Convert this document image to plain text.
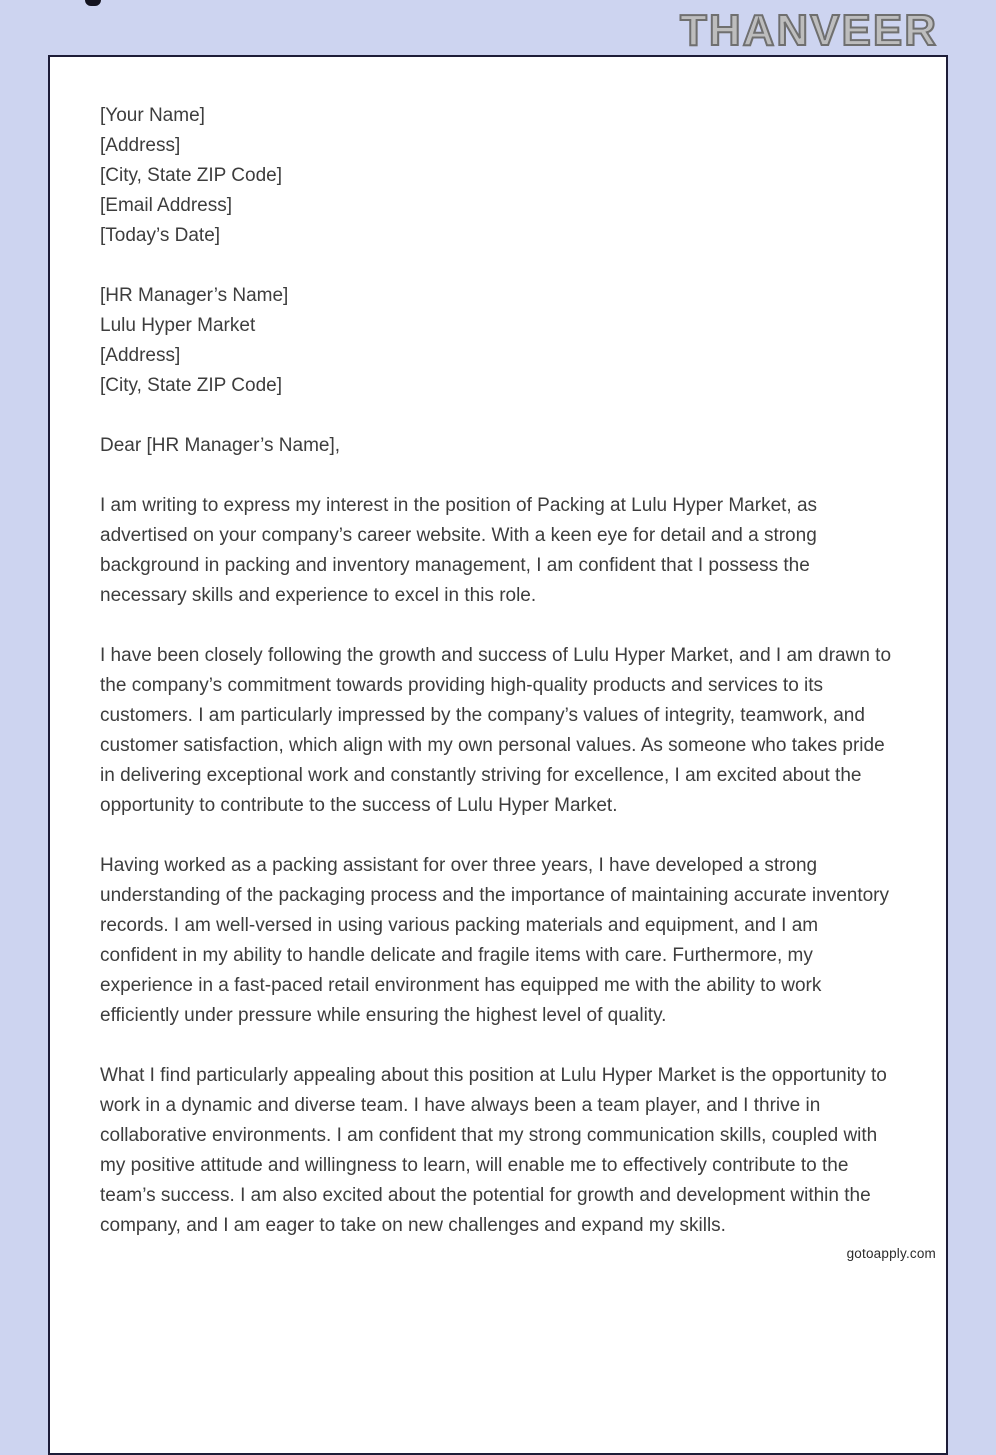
THANVEER
[Your Name]
[Address]
[City, State ZIP Code]
[Email Address]
[Today’s Date]
[HR Manager’s Name]
Lulu Hyper Market
[Address]
[City, State ZIP Code]
Dear [HR Manager’s Name],

I am writing to express my interest in the position of Packing at Lulu Hyper Market, as advertised on your company’s career website. With a keen eye for detail and a strong background in packing and inventory management, I am confident that I possess the necessary skills and experience to excel in this role.

I have been closely following the growth and success of Lulu Hyper Market, and I am drawn to the company’s commitment towards providing high-quality products and services to its customers. I am particularly impressed by the company’s values of integrity, teamwork, and customer satisfaction, which align with my own personal values. As someone who takes pride in delivering exceptional work and constantly striving for excellence, I am excited about the opportunity to contribute to the success of Lulu Hyper Market.

Having worked as a packing assistant for over three years, I have developed a strong understanding of the packaging process and the importance of maintaining accurate inventory records. I am well-versed in using various packing materials and equipment, and I am confident in my ability to handle delicate and fragile items with care. Furthermore, my experience in a fast-paced retail environment has equipped me with the ability to work efficiently under pressure while ensuring the highest level of quality.

What I find particularly appealing about this position at Lulu Hyper Market is the opportunity to work in a dynamic and diverse team. I have always been a team player, and I thrive in collaborative environments. I am confident that my strong communication skills, coupled with my positive attitude and willingness to learn, will enable me to effectively contribute to the team’s success. I am also excited about the potential for growth and development within the company, and I am eager to take on new challenges and expand my skills.

gotoapply.com
